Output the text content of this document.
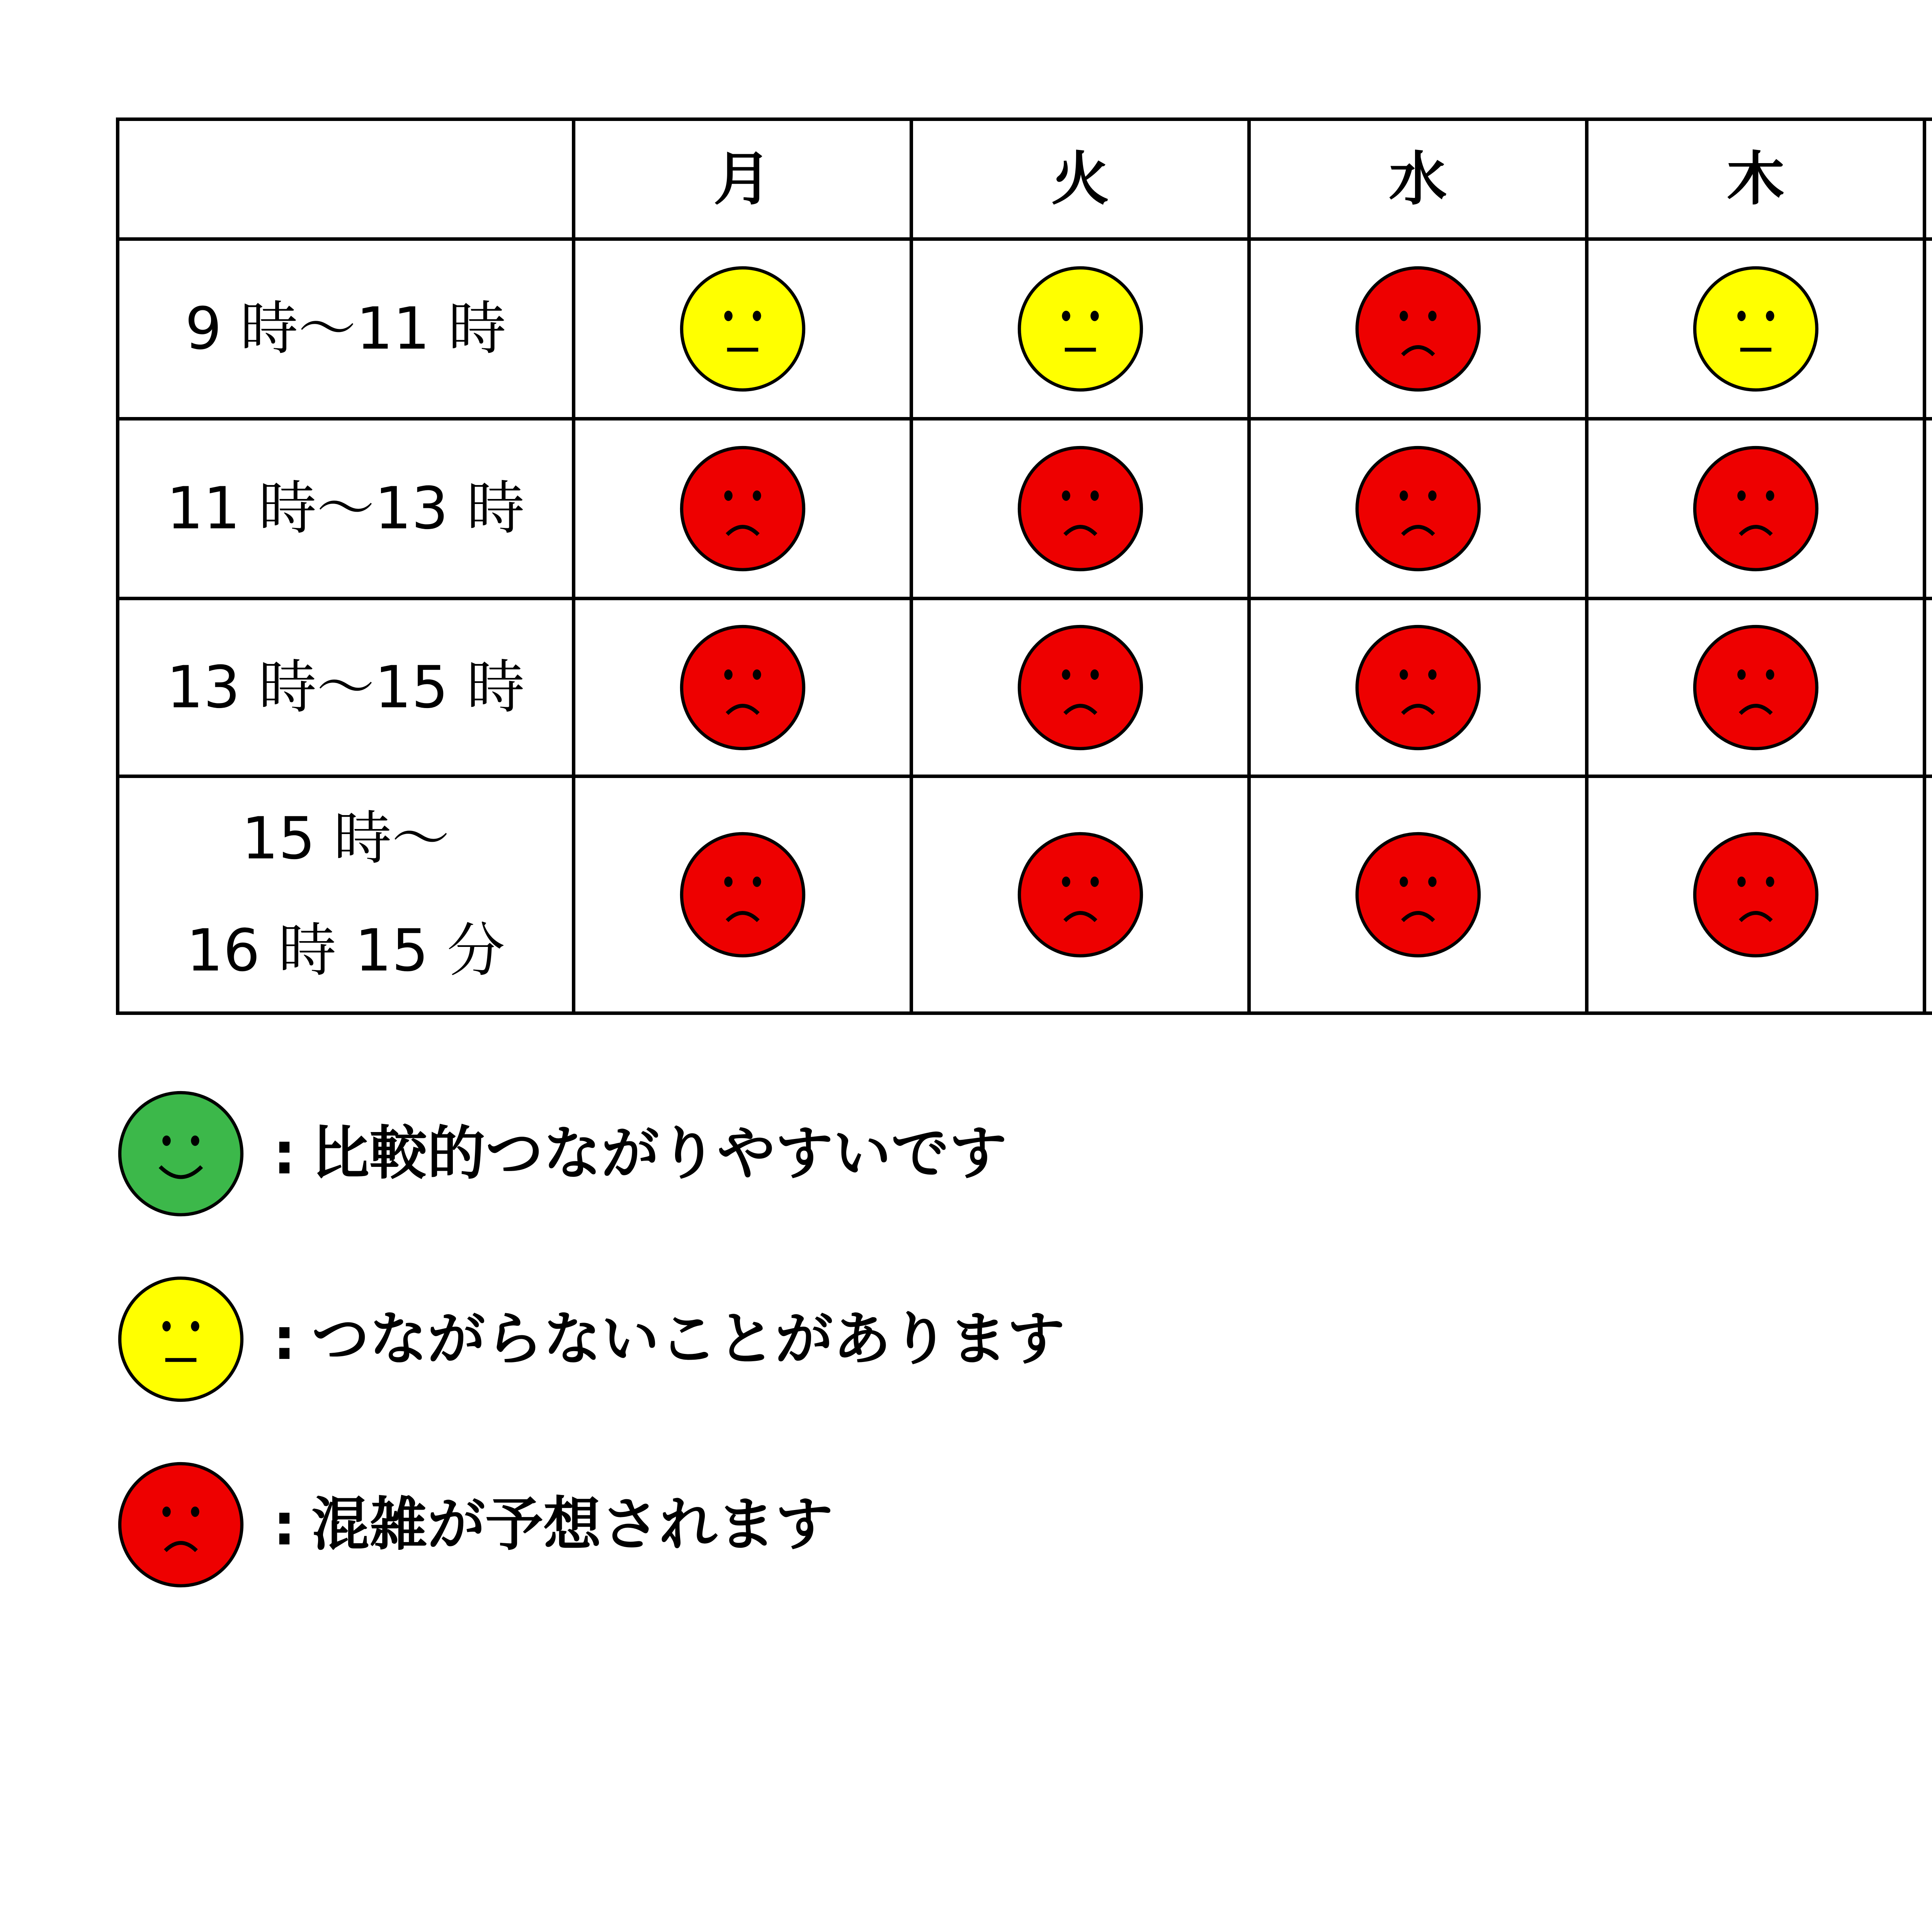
	月	火	水	木		
9 時〜11 時	

11 時〜13 時	

13 時〜15 時	

15 時〜
16 時 15 分

: 比較的つながりやすいです
: つながらないことがあります
: 混雑が予想されます
